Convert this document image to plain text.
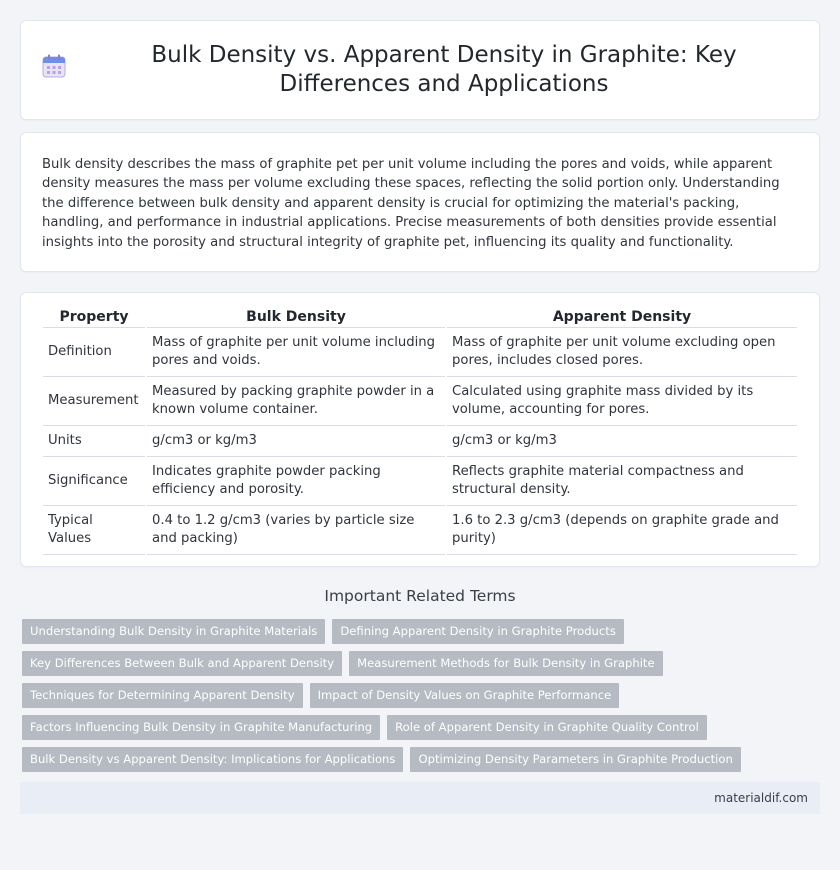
Bulk Density vs. Apparent Density in Graphite: Key Differences and Applications

Bulk density describes the mass of graphite pet per unit volume including the pores and voids, while apparent density measures the mass per volume excluding these spaces, reflecting the solid portion only. Understanding the difference between bulk density and apparent density is crucial for optimizing the material's packing, handling, and performance in industrial applications. Precise measurements of both densities provide essential insights into the porosity and structural integrity of graphite pet, influencing its quality and functionality.

Property	Bulk Density	Apparent Density
Definition	Mass of graphite per unit volume including pores and voids.	Mass of graphite per unit volume excluding open pores, includes closed pores.
Measurement	Measured by packing graphite powder in a known volume container.	Calculated using graphite mass divided by its volume, accounting for pores.
Units	g/cm3 or kg/m3	g/cm3 or kg/m3
Significance	Indicates graphite powder packing efficiency and porosity.	Reflects graphite material compactness and structural density.
Typical Values	0.4 to 1.2 g/cm3 (varies by particle size and packing)	1.6 to 2.3 g/cm3 (depends on graphite grade and purity)
Important Related Terms
Understanding Bulk Density in Graphite Materials	Defining Apparent Density in Graphite Products
Key Differences Between Bulk and Apparent Density	Measurement Methods for Bulk Density in Graphite
Techniques for Determining Apparent Density	Impact of Density Values on Graphite Performance
Factors Influencing Bulk Density in Graphite Manufacturing	Role of Apparent Density in Graphite Quality Control
Bulk Density vs Apparent Density: Implications for Applications	Optimizing Density Parameters in Graphite Production
materialdif.com
